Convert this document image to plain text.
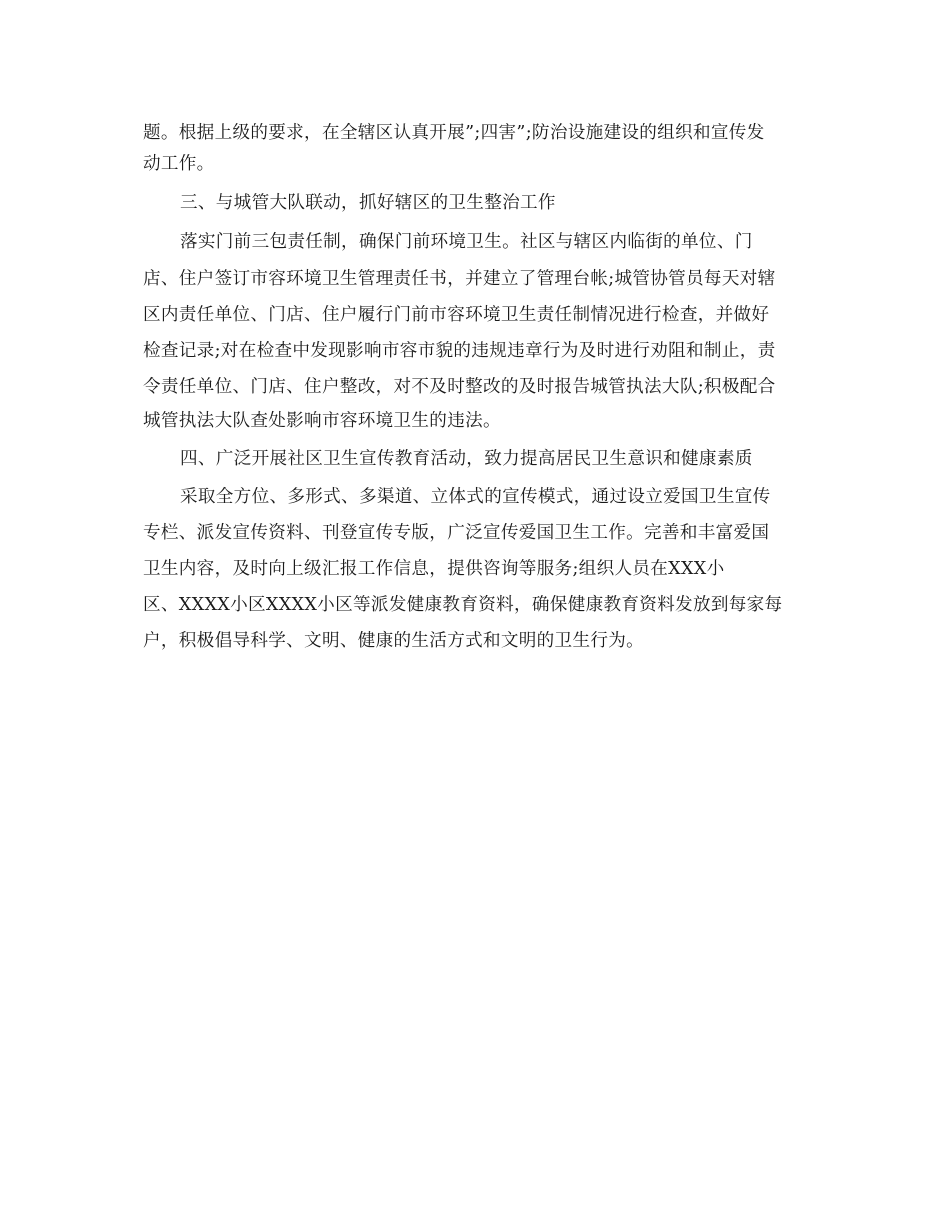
题。根据上级的要求，在全辖区认真开展”;四害”;防治设施建设的组织和宣传发

动工作。

三、与城管大队联动，抓好辖区的卫生整治工作

落实门前三包责任制，确保门前环境卫生。社区与辖区内临街的单位、门

店、住户签订市容环境卫生管理责任书，并建立了管理台帐;城管协管员每天对辖

区内责任单位、门店、住户履行门前市容环境卫生责任制情况进行检查，并做好

检查记录;对在检查中发现影响市容市貌的违规违章行为及时进行劝阻和制止，责

令责任单位、门店、住户整改，对不及时整改的及时报告城管执法大队;积极配合

城管执法大队查处影响市容环境卫生的违法。

四、广泛开展社区卫生宣传教育活动，致力提高居民卫生意识和健康素质

采取全方位、多形式、多渠道、立体式的宣传模式，通过设立爱国卫生宣传

专栏、派发宣传资料、刊登宣传专版，广泛宣传爱国卫生工作。完善和丰富爱国

卫生内容，及时向上级汇报工作信息，提供咨询等服务;组织人员在XXX小

区、XXXX小区XXXX小区等派发健康教育资料，确保健康教育资料发放到每家每

户，积极倡导科学、文明、健康的生活方式和文明的卫生行为。
